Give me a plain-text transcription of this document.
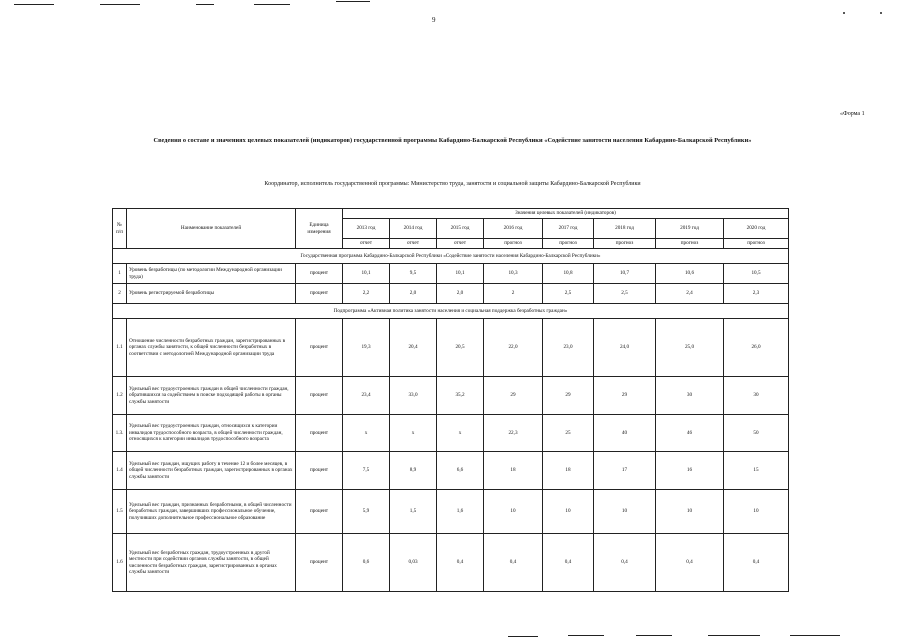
9
«Форма 1
Сведения о составе и значениях целевых показателей (индикаторов) государственной программы Кабардино-Балкарской Республики «Содействие занятости населения Кабардино-Балкарской Республики»
Координатор, исполнитель государственной программы: Министерство труда, занятости и социальной защиты Кабардино-Балкарской Республики
№ п/п	Наименование показателей	Единица измерения	Значения целевых показателей (индикаторов)							
			2013 год	2014 год	2015 год	2016 год	2017 год	2018 год	2019 год	2020 год
			отчет	отчет	отчет	прогноз	прогноз	прогноз	прогноз	прогноз
Государственная программа Кабардино-Балкарской Республики «Содействие занятости населения Кабардино-Балкарской Республики»										
1	Уровень безработицы (по методологии Международной организации труда)	процент	10,1	9,5	10,1	10,3	10,8	10,7	10,6	10,5
2	Уровень регистрируемой безработицы	процент	2,2	2,0	2,0	2	2,5	2,5	2,4	2,3
Подпрограмма «Активная политика занятости населения и социальная поддержка безработных граждан»										
1.1	Отношение численности безработных граждан, зарегистрированных в органах службы занятости, к общей численности безработных в соответствии с методологией Международной организации труда	процент	19,3	20,4	20,5	22,0	23,0	24,0	25,0	26,0
1.2	Удельный вес трудоустроенных граждан в общей численности граждан, обратившихся за содействием в поиске подходящей работы в органы службы занятости	процент	23,4	33,0	35,2	29	29	29	30	30
1.3.	Удельный вес трудоустроенных граждан, относящихся к категории инвалидов трудоспособного возраста, в общей численности граждан, относящихся к категории инвалидов трудоспособного возраста	процент	х	х	х	22,3	25	40	46	50
1.4	Удельный вес граждан, ищущих работу в течение 12 и более месяцев, в общей численности безработных граждан, зарегистрированных в органах службы занятости	процент	7,5	8,9	6,6	18	18	17	16	15
1.5	Удельный вес граждан, признанных безработными, в общей численности безработных граждан, завершивших профессиональное обучение, получивших дополнительное профессиональное образование	процент	5,9	1,5	1,6	10	10	10	10	10
1.6	Удельный вес безработных граждан, трудоустроенных в другой местности при содействии органов службы занятости, в общей численности безработных граждан, зарегистрированных в органах службы занятости	процент	0,6	0,03	0,4	0,4	0,4	0,4	0,4	0,4
